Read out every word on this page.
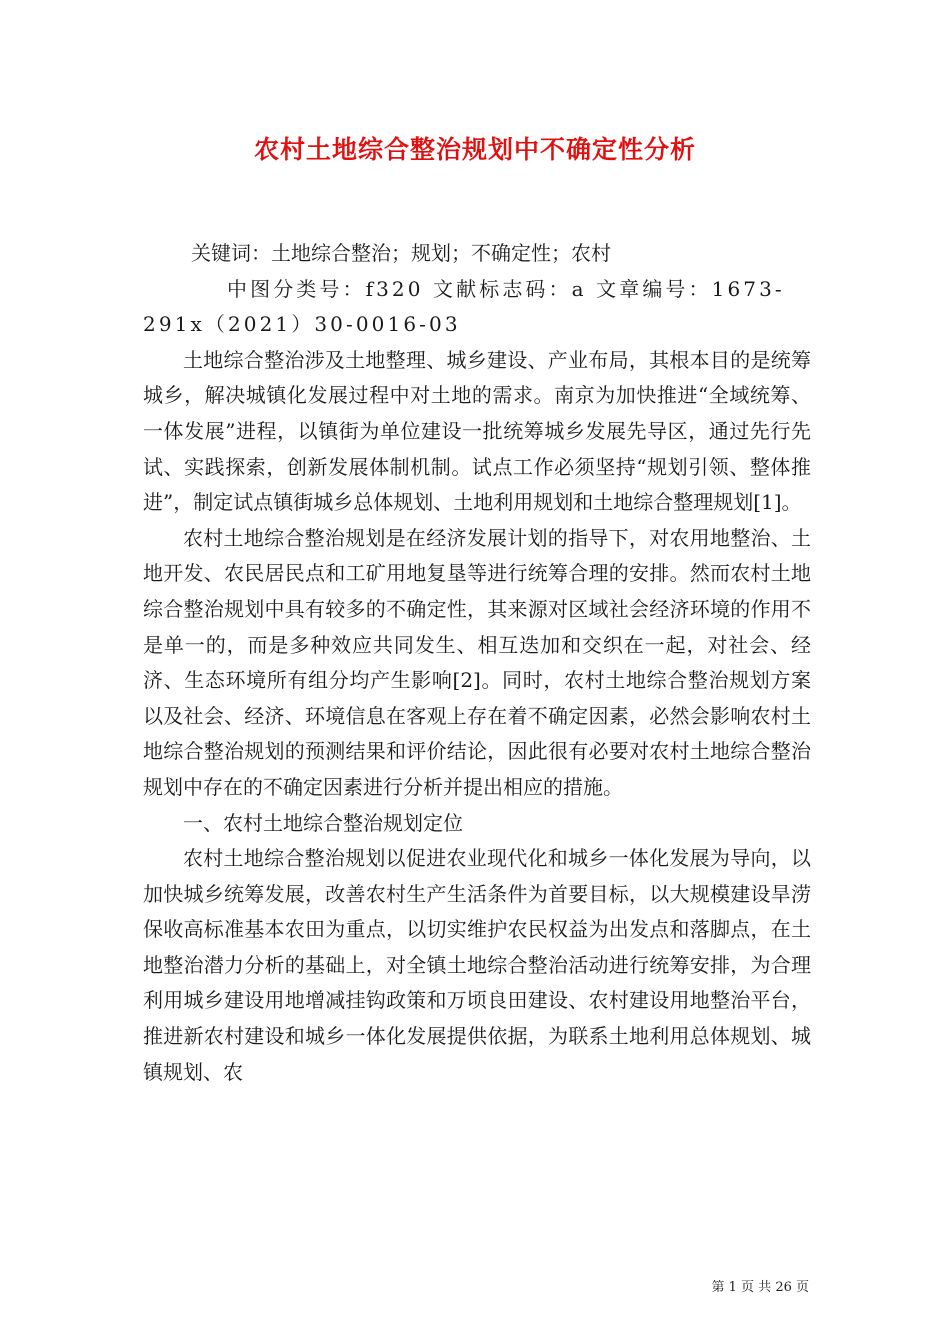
农村土地综合整治规划中不确定性分析
关键词：土地综合整治；规划；不确定性；农村
中图分类号：f320 文献标志码：a 文章编号：1673-291x（2021）30-0016-03

土地综合整治涉及土地整理、城乡建设、产业布局，其根本目的是统筹城乡，解决城镇化发展过程中对土地的需求。南京为加快推进“全域统筹、一体发展”进程，以镇街为单位建设一批统筹城乡发展先导区，通过先行先试、实践探索，创新发展体制机制。试点工作必须坚持“规划引领、整体推进”，制定试点镇街城乡总体规划、土地利用规划和土地综合整理规划[1]。

农村土地综合整治规划是在经济发展计划的指导下，对农用地整治、土地开发、农民居民点和工矿用地复垦等进行统筹合理的安排。然而农村土地综合整治规划中具有较多的不确定性，其来源对区域社会经济环境的作用不是单一的，而是多种效应共同发生、相互迭加和交织在一起，对社会、经济、生态环境所有组分均产生影响[2]。同时，农村土地综合整治规划方案以及社会、经济、环境信息在客观上存在着不确定因素，必然会影响农村土地综合整治规划的预测结果和评价结论，因此很有必要对农村土地综合整治规划中存在的不确定因素进行分析并提出相应的措施。

一、农村土地综合整治规划定位

农村土地综合整治规划以促进农业现代化和城乡一体化发展为导向，以加快城乡统筹发展，改善农村生产生活条件为首要目标，以大规模建设旱涝保收高标准基本农田为重点，以切实维护农民权益为出发点和落脚点，在土地整治潜力分析的基础上，对全镇土地综合整治活动进行统筹安排，为合理利用城乡建设用地增减挂钩政策和万顷良田建设、农村建设用地整治平台，推进新农村建设和城乡一体化发展提供依据，为联系土地利用总体规划、城镇规划、农

第 1 页 共 26 页
